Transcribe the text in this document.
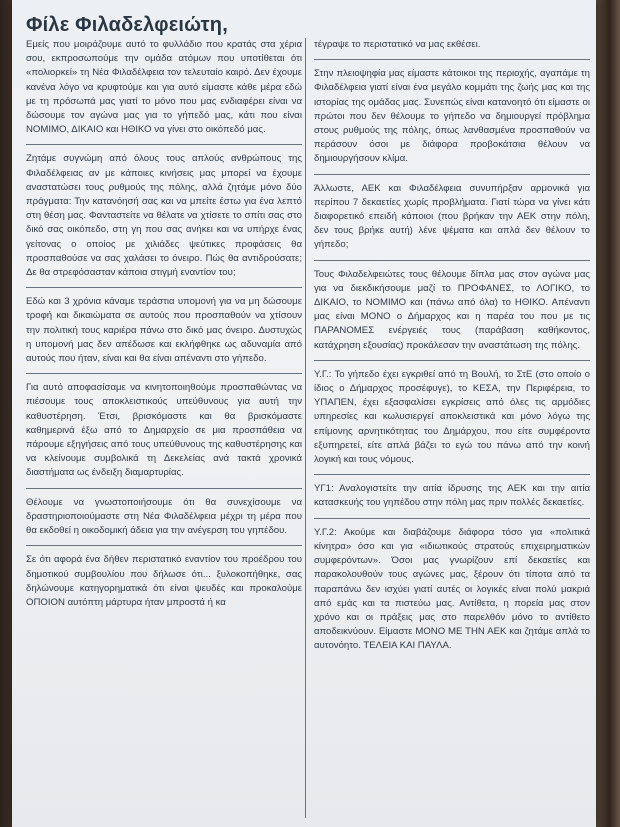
Φίλε Φιλαδελφειώτη,

Εμείς που μοιράζουμε αυτό το φυλλάδιο που κρατάς στα χέρια σου, εκπροσωπούμε την ομάδα ατόμων που υποτίθεται ότι «πολιορκεί» τη Νέα Φιλαδέλφεια τον τελευταίο καιρό. Δεν έχουμε κανένα λόγο να κρυφτούμε και για αυτό είμαστε κάθε μέρα εδώ με τη πρόσωπά μας γιατί το μόνο που μας ενδιαφέρει είναι να δώσουμε τον αγώνα μας για το γήπεδό μας, κάτι που είναι ΝΟΜΙΜΟ, ΔΙΚΑΙΟ και ΗΘΙΚΟ να γίνει στο οικόπεδό μας.

Ζητάμε συγνώμη από όλους τους απλούς ανθρώπους της Φιλαδέλφειας αν με κάποιες κινήσεις μας μπορεί να έχουμε αναστατώσει τους ρυθμούς της πόλης, αλλά ζητάμε μόνο δύο πράγματα: Την κατανόησή σας και να μπείτε έστω για ένα λεπτό στη θέση μας. Φανταστείτε να θέλατε να χτίσετε το σπίτι σας στο δικό σας οικόπεδο, στη γη που σας ανήκει και να υπήρχε ένας γείτονας ο οποίος με χιλιάδες ψεύτικες προφάσεις θα προσπαθούσε να σας χαλάσει το όνειρο. Πώς θα αντιδρούσατε; Δε θα στρεφόσασταν κάποια στιγμή εναντίον του;

Εδώ και 3 χρόνια κάναμε τεράστια υπομονή για να μη δώσουμε τροφή και δικαιώματα σε αυτούς που προσπαθούν να χτίσουν την πολιτική τους καριέρα πάνω στο δικό μας όνειρο. Δυστυχώς η υπομονή μας δεν απέδωσε και εκλήφθηκε ως αδυναμία από αυτούς που ήταν, είναι και θα είναι απέναντι στο γήπεδο.

Για αυτό αποφασίσαμε να κινητοποιηθούμε προσπαθώντας να πιέσουμε τους αποκλειστικούς υπεύθυνους για αυτή την καθυστέρηση. Έτσι, βρισκόμαστε και θα βρισκόμαστε καθημερινά έξω από το Δημαρχείο σε μια προσπάθεια να πάρουμε εξηγήσεις από τους υπεύθυνους της καθυστέρησης και να κλείνουμε συμβολικά τη Δεκελείας ανά τακτά χρονικά διαστήματα ως ένδειξη διαμαρτυρίας.

Θέλουμε να γνωστοποιήσουμε ότι θα συνεχίσουμε να δραστηριοποιούμαστε στη Νέα Φιλαδέλφεια μέχρι τη μέρα που θα εκδοθεί η οικοδομική άδεια για την ανέγερση του γηπέδου.

Σε ότι αφορά ένα δήθεν περιστατικό εναντίον του προέδρου του δημοτικού συμβουλίου που δήλωσε ότι... ξυλοκοπήθηκε, σας δηλώνουμε κατηγορηματικά ότι είναι ψευδές και προκαλούμε ΟΠΟΙΟΝ αυτόπτη μάρτυρα ήταν μπροστά ή κα

τέγραψε το περιστατικό να μας εκθέσει.

Στην πλειοψηφία μας είμαστε κάτοικοι της περιοχής, αγαπάμε τη Φιλαδέλφεια γιατί είναι ένα μεγάλο κομμάτι της ζωής μας και της ιστορίας της ομάδας μας. Συνεπώς είναι κατανοητό ότι είμαστε οι πρώτοι που δεν θέλουμε το γήπεδο να δημιουργεί πρόβλημα στους ρυθμούς της πόλης, όπως λανθασμένα προσπαθούν να περάσουν όσοι με διάφορα προβοκάτσια θέλουν να δημιουργήσουν κλίμα.

Άλλωστε, ΑΕΚ και Φιλαδέλφεια συνυπήρξαν αρμονικά για περίπου 7 δεκαετίες χωρίς προβλήματα. Γιατί τώρα να γίνει κάτι διαφορετικό επειδή κάποιοι (που βρήκαν την ΑΕΚ στην πόλη, δεν τους βρήκε αυτή) λένε ψέματα και απλά δεν θέλουν το γήπεδο;

Τους Φιλαδελφειώτες τους θέλουμε δίπλα μας στον αγώνα μας για να διεκδικήσουμε μαζί το ΠΡΟΦΑΝΕΣ, το ΛΟΓΙΚΟ, το ΔΙΚΑΙΟ, το ΝΟΜΙΜΟ και (πάνω από όλα) το ΗΘΙΚΟ. Απέναντι μας είναι ΜΟΝΟ ο Δήμαρχος και η παρέα του που με τις ΠΑΡΑΝΟΜΕΣ ενέργειές τους (παράβαση καθήκοντος, κατάχρηση εξουσίας) προκάλεσαν την αναστάτωση της πόλης.

Υ.Γ.: Το γήπεδο έχει εγκριθεί από τη Βουλή, το ΣτΕ (στο οποίο ο ίδιος ο Δήμαρχος προσέφυγε), το ΚΕΣΑ, την Περιφέρεια, το ΥΠΑΠΕΝ, έχει εξασφαλίσει εγκρίσεις από όλες τις αρμόδιες υπηρεσίες και κωλυσιεργεί αποκλειστικά και μόνο λόγω της επίμονης αρνητικότητας του Δημάρχου, που είτε συμφέροντα εξυπηρετεί, είτε απλά βάζει το εγώ του πάνω από την κοινή λογική και τους νόμους.

ΥΓ1: Αναλογιστείτε την αιτία ίδρυσης της ΑΕΚ και την αιτία κατασκευής του γηπέδου στην πόλη μας πριν πολλές δεκαετίες.

Υ.Γ.2: Ακούμε και διαβάζουμε διάφορα τόσο για «πολιτικά κίνητρα» όσο και για «ιδιωτικούς στρατούς επιχειρηματικών συμφερόντων». Όσοι μας γνωρίζουν επί δεκαετίες και παρακολουθούν τους αγώνες μας, ξέρουν ότι τίποτα από τα παραπάνω δεν ισχύει γιατί αυτές οι λογικές είναι πολύ μακριά από εμάς και τα πιστεύω μας. Αντίθετα, η πορεία μας στον χρόνο και οι πράξεις μας στο παρελθόν μόνο το αντίθετο αποδεικνύουν. Είμαστε ΜΟΝΟ ΜΕ ΤΗΝ ΑΕΚ και ζητάμε απλά το αυτονόητο. ΤΕΛΕΙΑ ΚΑΙ ΠΑΥΛΑ.
